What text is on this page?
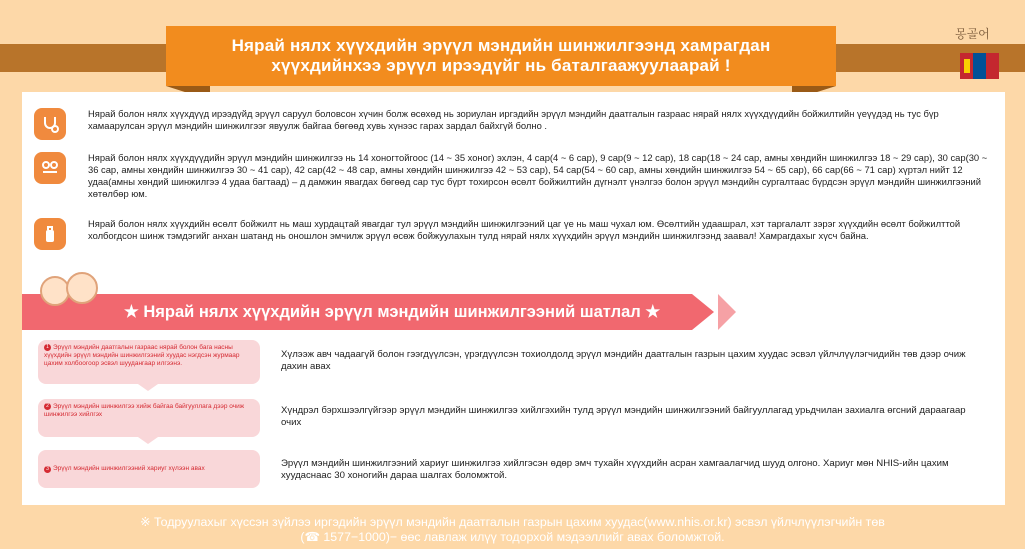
Нярай нялх хүүхдийн эрүүл мэндийн шинжилгээнд хамрагдан
хүүхдийнхээ эрүүл ирээдүйг нь баталгаажуулаарай !
몽골어
Нярай болон нялх хүүхдүүд ирээдүйд эрүүл саруул боловсон хүчин болж өсөхөд нь зориулан иргэдийн эрүүл мэндийн даатгалын газраас нярай нялх хүүхдүүдийн бойжилтийн үеүүдэд нь тус бүр хамаарулсан эрүүл мэндийн шинжилгээг явуулж байгаа бөгөөд хувь хүнээс гарах зардал байхгүй болно .
Нярай болон нялх хүүхдүүдийн эрүүл мэндийн шинжилгээ нь 14 хоногтойгоос (14 ~ 35 хоног) эхлэн, 4 сар(4 ~ 6 сар), 9 сар(9 ~ 12 сар), 18 сар(18 ~ 24 сар, амны хөндийн шинжилгээ 18 ~ 29 сар), 30 сар(30 ~ 36 сар, амны хөндийн шинжилгээ 30 ~ 41 сар), 42 сар(42 ~ 48 сар, амны хөндийн шинжилгээ 42 ~ 53 сар), 54 сар(54 ~ 60 сар, амны хөндийн шинжилгээ 54 ~ 65 сар), 66 сар(66 ~ 71 сар) хүртэл нийт 12 удаа(амны хөндий шинжилгээ 4 удаа багтаад) – д дамжин явагдах бөгөөд сар тус бүрт тохирсон өсөлт бойжилтийн дүгнэлт үнэлгээ болон эрүүл мэндийн сургалтаас бүрдсэн эрүүл мэндийн шинжилгээний хөтөлбөр юм.
Нярай болон нялх хүүхдийн өсөлт бойжилт нь маш хурдацтай явагдаг тул эрүүл мэндийн шинжилгээний цаг үе нь маш чухал юм. Өсөлтийн удаашрал, хэт таргалалт зэрэг хүүхдийн өсөлт бойжилттой холбогдсон шинж тэмдэгийг анхан шатанд нь оношлон эмчилж эрүүл өсөж бойжуулахын тулд нярай нялх хүүхдийн эрүүл мэндийн шинжилгээнд заавал! Хамрагдахыг хүсч байна.
★ Нярай нялх хүүхдийн эрүүл мэндийн шинжилгээний шатлал ★
1 Эрүүл мэндийн даатгалын газраас нярай болон бага насны хүүхдийн эрүүл мэндийн шинжилгээний хуудас нэгдсэн журмаар цахим холбоогоор эсвэл шуудангаар илгээнэ.
Хүлээж авч чадаагүй болон гээгдүүлсэн, үрэгдүүлсэн тохиолдолд эрүүл мэндийн даатгалын газрын цахим хуудас эсвэл үйлчлүүлэгчидийн төв дээр очиж дахин авах
2 Эрүүл мэндийн шинжилгээ хийж байгаа байгууллага дээр очиж шинжилгээ хийлгэх	Хүндрэл бэрхшээлгүйгээр эрүүл мэндийн шинжилгээ хийлгэхийн тулд эрүүл мэндийн шинжилгээний байгууллагад урьдчилан захиалга өгсний дараагаар очих
3 Эрүүл мэндийн шинжилгээний хариуг хүлээн авах	Эрүүл мэндийн шинжилгээний хариуг шинжилгээ хийлгэсэн өдөр эмч тухайн хүүхдийн асран хамгаалагчид шууд олгоно. Хариуг мөн NHIS-ийн цахим хуудаснаас 30 хоногийн дараа шалгах боломжтой.
※ Тодруулахыг хүссэн зүйлээ иргэдийн эрүүл мэндийн даатгалын газрын цахим хуудас(www.nhis.or.kr) эсвэл үйлчлүүлэгчийн төв
(☎ 1577−1000)− өөс лавлаж илүү тодорхой мэдээллийг авах боломжтой.
